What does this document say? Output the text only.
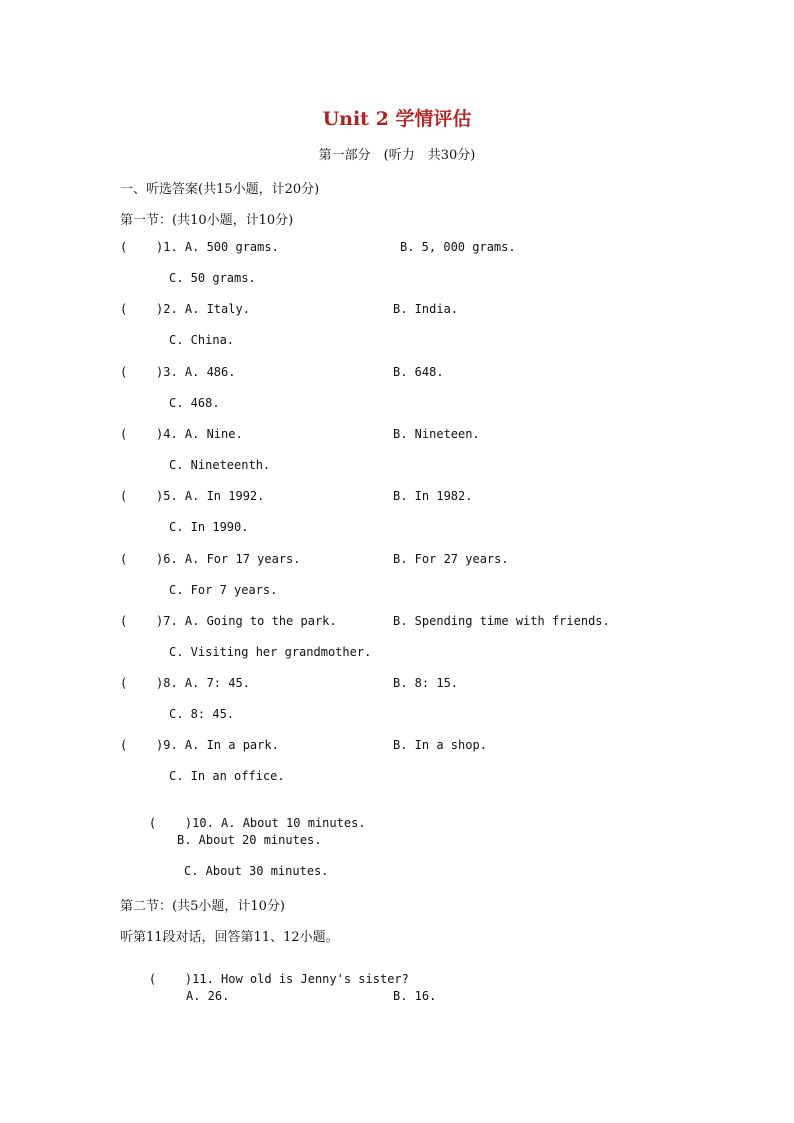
Unit 2 学情评估
第一部分　(听力　共30分)
一、听选答案(共15小题，计20分)
第一节：(共10小题，计10分)
( )1. A. 500 grams.	B. 5, 000 grams.
C. 50 grams.
( )2. A. Italy.	B. India.
C. China.
( )3. A. 486.	B. 648.
C. 468.
( )4. A. Nine.	B. Nineteen.
C. Nineteenth.
( )5. A. In 1992.	B. In 1982.
C. In 1990.
( )6. A. For 17 years.	B. For 27 years.
C. For 7 years.
( )7. A. Going to the park.	B. Spending time with friends.
C. Visiting her grandmother.
( )8. A. 7: 45.	B. 8: 15.
C. 8: 45.
( )9. A. In a park.	B. In a shop.
C. In an office.

( )10. A. About 10 minutes.

B. About 20 minutes.
C. About 30 minutes.
第二节：(共5小题，计10分)
听第11段对话，回答第11、12小题。

( )11. How old is Jenny's sister?

A. 26.	B. 16.
